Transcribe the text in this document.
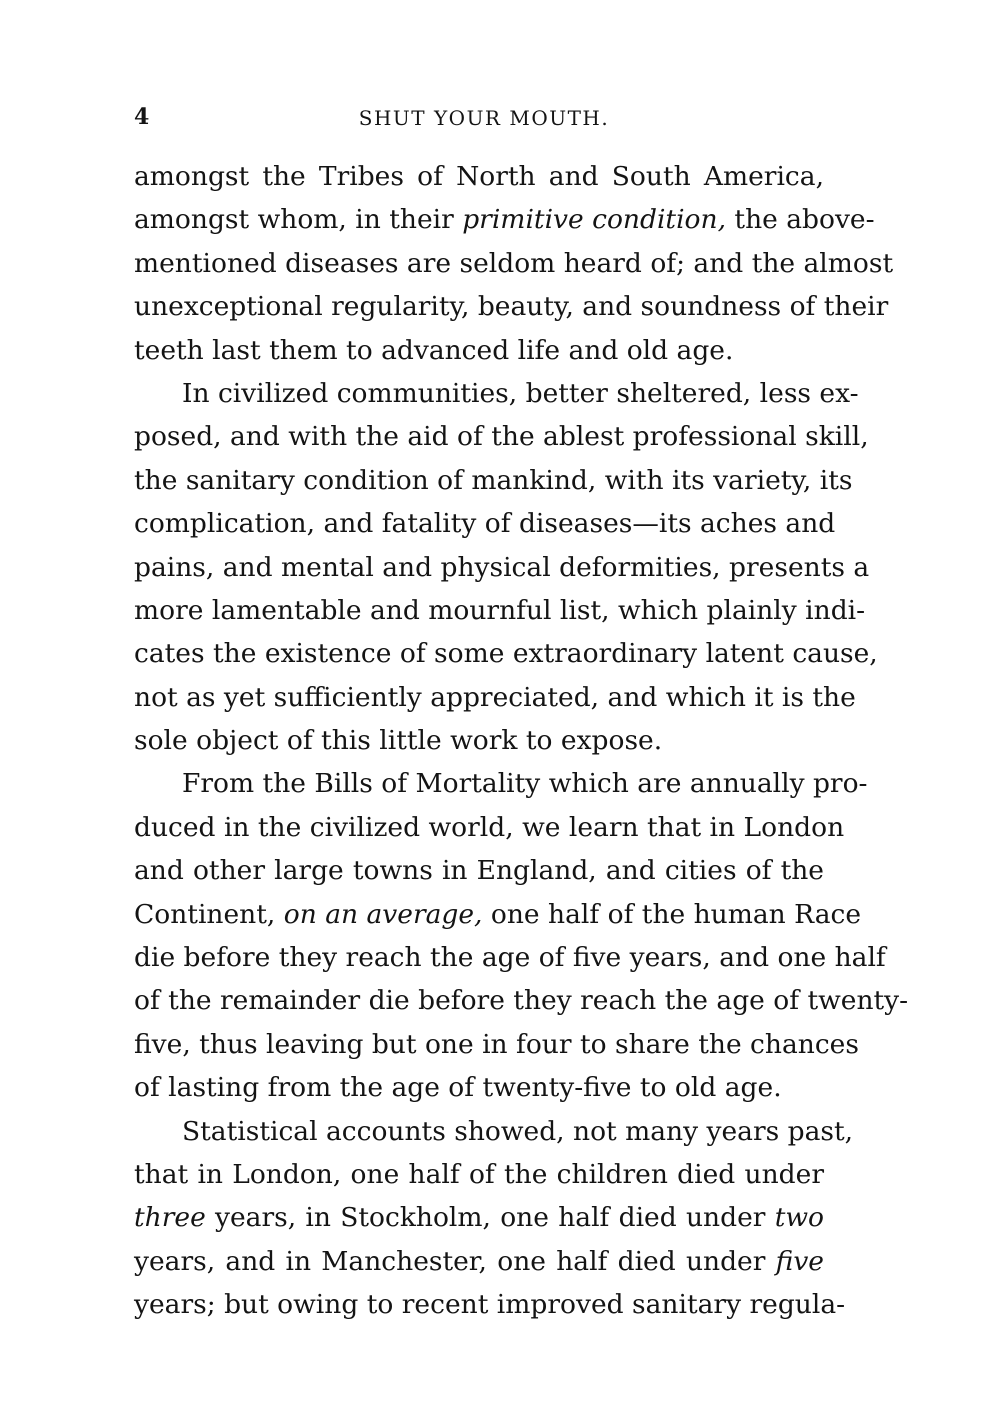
4	SHUT YOUR MOUTH.
amongst the Tribes of North and South America,
amongst whom, in their primitive condition, the above-
mentioned diseases are seldom heard of; and the almost
unexceptional regularity, beauty, and soundness of their
teeth last them to advanced life and old age.
In civilized communities, better sheltered, less ex-
posed, and with the aid of the ablest professional skill,
the sanitary condition of mankind, with its variety, its
complication, and fatality of diseases—its aches and
pains, and mental and physical deformities, presents a
more lamentable and mournful list, which plainly indi-
cates the existence of some extraordinary latent cause,
not as yet sufficiently appreciated, and which it is the
sole object of this little work to expose.
From the Bills of Mortality which are annually pro-
duced in the civilized world, we learn that in London
and other large towns in England, and cities of the
Continent, on an average, one half of the human Race
die before they reach the age of five years, and one half
of the remainder die before they reach the age of twenty-
five, thus leaving but one in four to share the chances
of lasting from the age of twenty-five to old age.
Statistical accounts showed, not many years past,
that in London, one half of the children died under
three years, in Stockholm, one half died under two
years, and in Manchester, one half died under five
years; but owing to recent improved sanitary regula-
